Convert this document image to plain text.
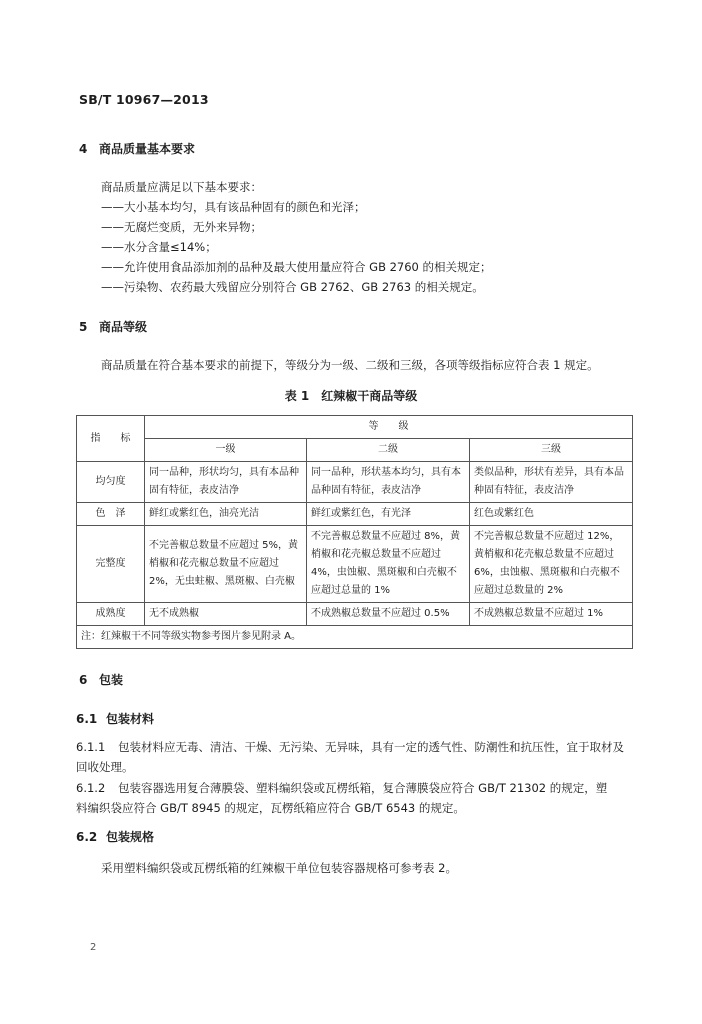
SB/T 10967—2013
4 商品质量基本要求
商品质量应满足以下基本要求：
——大小基本均匀，具有该品种固有的颜色和光泽；
——无腐烂变质，无外来异物；
——水分含量≤14%；
——允许使用食品添加剂的品种及最大使用量应符合 GB 2760 的相关规定；
——污染物、农药最大残留应分别符合 GB 2762、GB 2763 的相关规定。
5 商品等级
商品质量在符合基本要求的前提下，等级分为一级、二级和三级，各项等级指标应符合表 1 规定。
表 1　红辣椒干商品等级
指　　标	等　　级		
	一级	二级	三级
均匀度	同一品种，形状均匀，具有本品种固有特征，表皮洁净	同一品种，形状基本均匀，具有本品种固有特征，表皮洁净	类似品种，形状有差异，具有本品种固有特征，表皮洁净
色　泽	鲜红或紫红色，油亮光洁	鲜红或紫红色，有光泽	红色或紫红色
完整度	不完善椒总数量不应超过 5%，黄梢椒和花壳椒总数量不应超过 2%，无虫蛀椒、黑斑椒、白壳椒	不完善椒总数量不应超过 8%，黄梢椒和花壳椒总数量不应超过 4%，虫蚀椒、黑斑椒和白壳椒不应超过总量的 1%	不完善椒总数量不应超过 12%，黄梢椒和花壳椒总数量不应超过 6%，虫蚀椒、黑斑椒和白壳椒不应超过总数量的 2%
成熟度	无不成熟椒	不成熟椒总数量不应超过 0.5%	不成熟椒总数量不应超过 1%
注：红辣椒干不同等级实物参考图片参见附录 A。			
6 包装
6.1 包装材料
6.1.1 包装材料应无毒、清洁、干燥、无污染、无异味，具有一定的透气性、防潮性和抗压性，宜于取材及
回收处理。
6.1.2 包装容器选用复合薄膜袋、塑料编织袋或瓦楞纸箱，复合薄膜袋应符合 GB/T 21302 的规定，塑
料编织袋应符合 GB/T 8945 的规定，瓦楞纸箱应符合 GB/T 6543 的规定。
6.2 包装规格
采用塑料编织袋或瓦楞纸箱的红辣椒干单位包装容器规格可参考表 2。
2
